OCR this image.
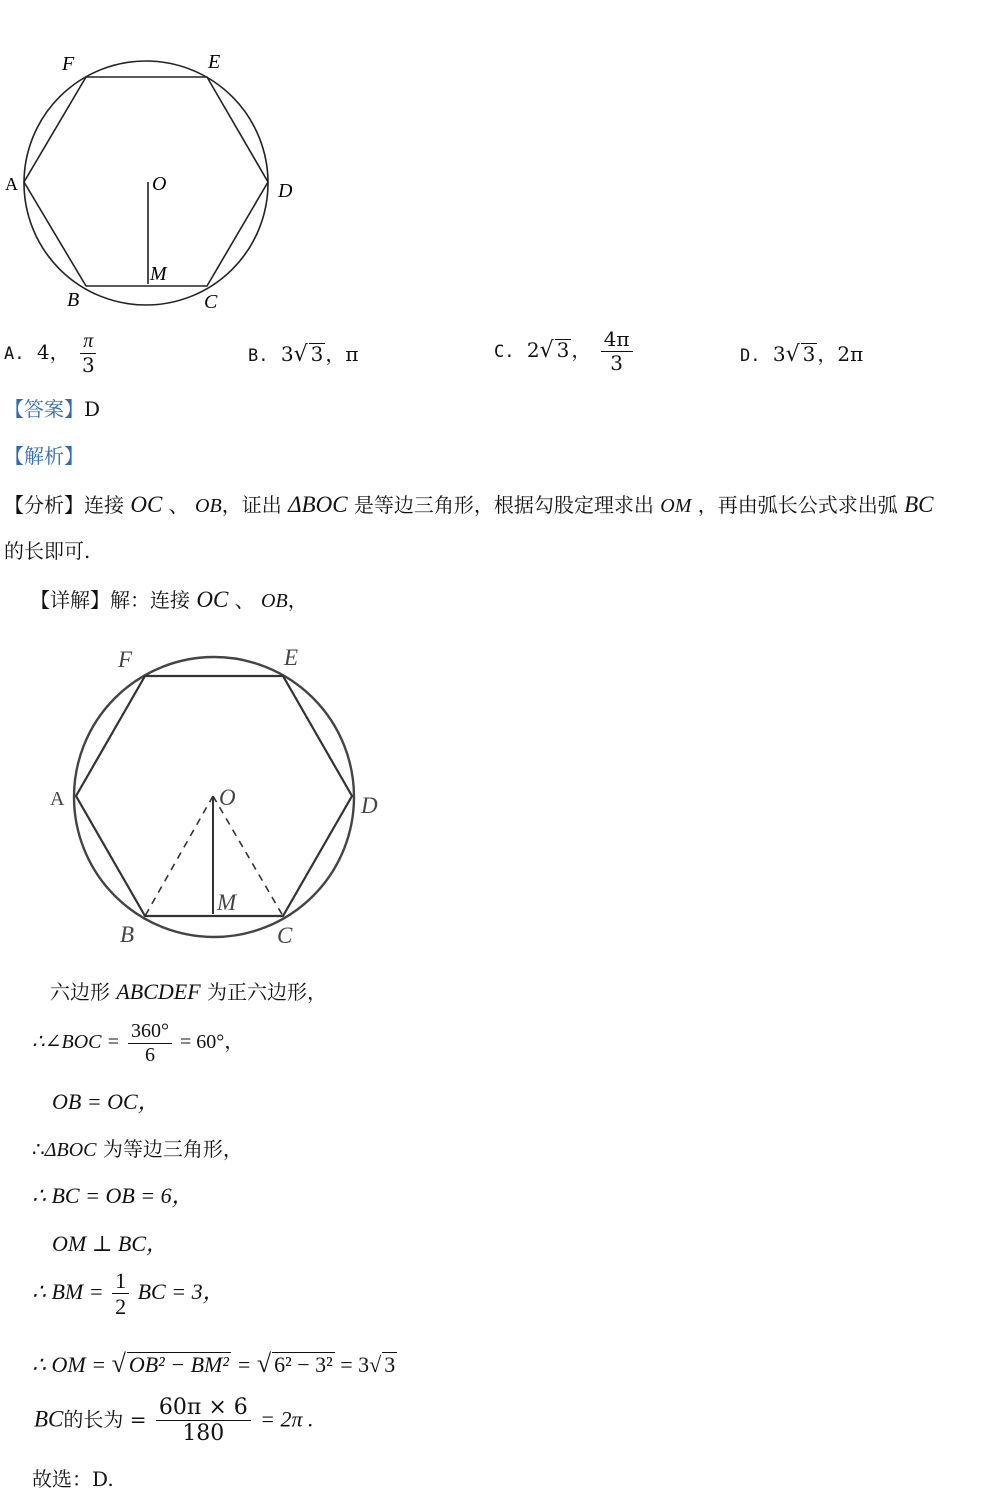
F	E
A	D
O
M
B	C
A. 4， $\frac{\pi}{3}$	B. 3√ 3 ，π	C. 2√ 3 ， $\frac{4\pi}{3}$	D. 3√ 3 ，2π
【答案】D
【解析】
【分析】连接 OC 、 OB，证出 ΔBOC 是等边三角形，根据勾股定理求出 OM ，再由弧长公式求出弧 BC
的长即可.
【详解】解：连接 OC 、 OB，
F	E
A	D
O
M
B	C
六边形 ABCDEF 为正六边形，
∴∠BOC = $\frac{360^\circ}{6} = 60^\circ$，
OB = OC，
∴ΔBOC 为等边三角形，
∴ BC = OB = 6，
OM ⊥ BC，
∴ BM = $\frac{1}{2}$ BC = 3，
∴ OM = √ OB² − BM² = √ 6² − 3² = 3√ 3
BC的长为 = $\frac{60\pi \times 6}{180} = 2\pi$ .
故选：D.
